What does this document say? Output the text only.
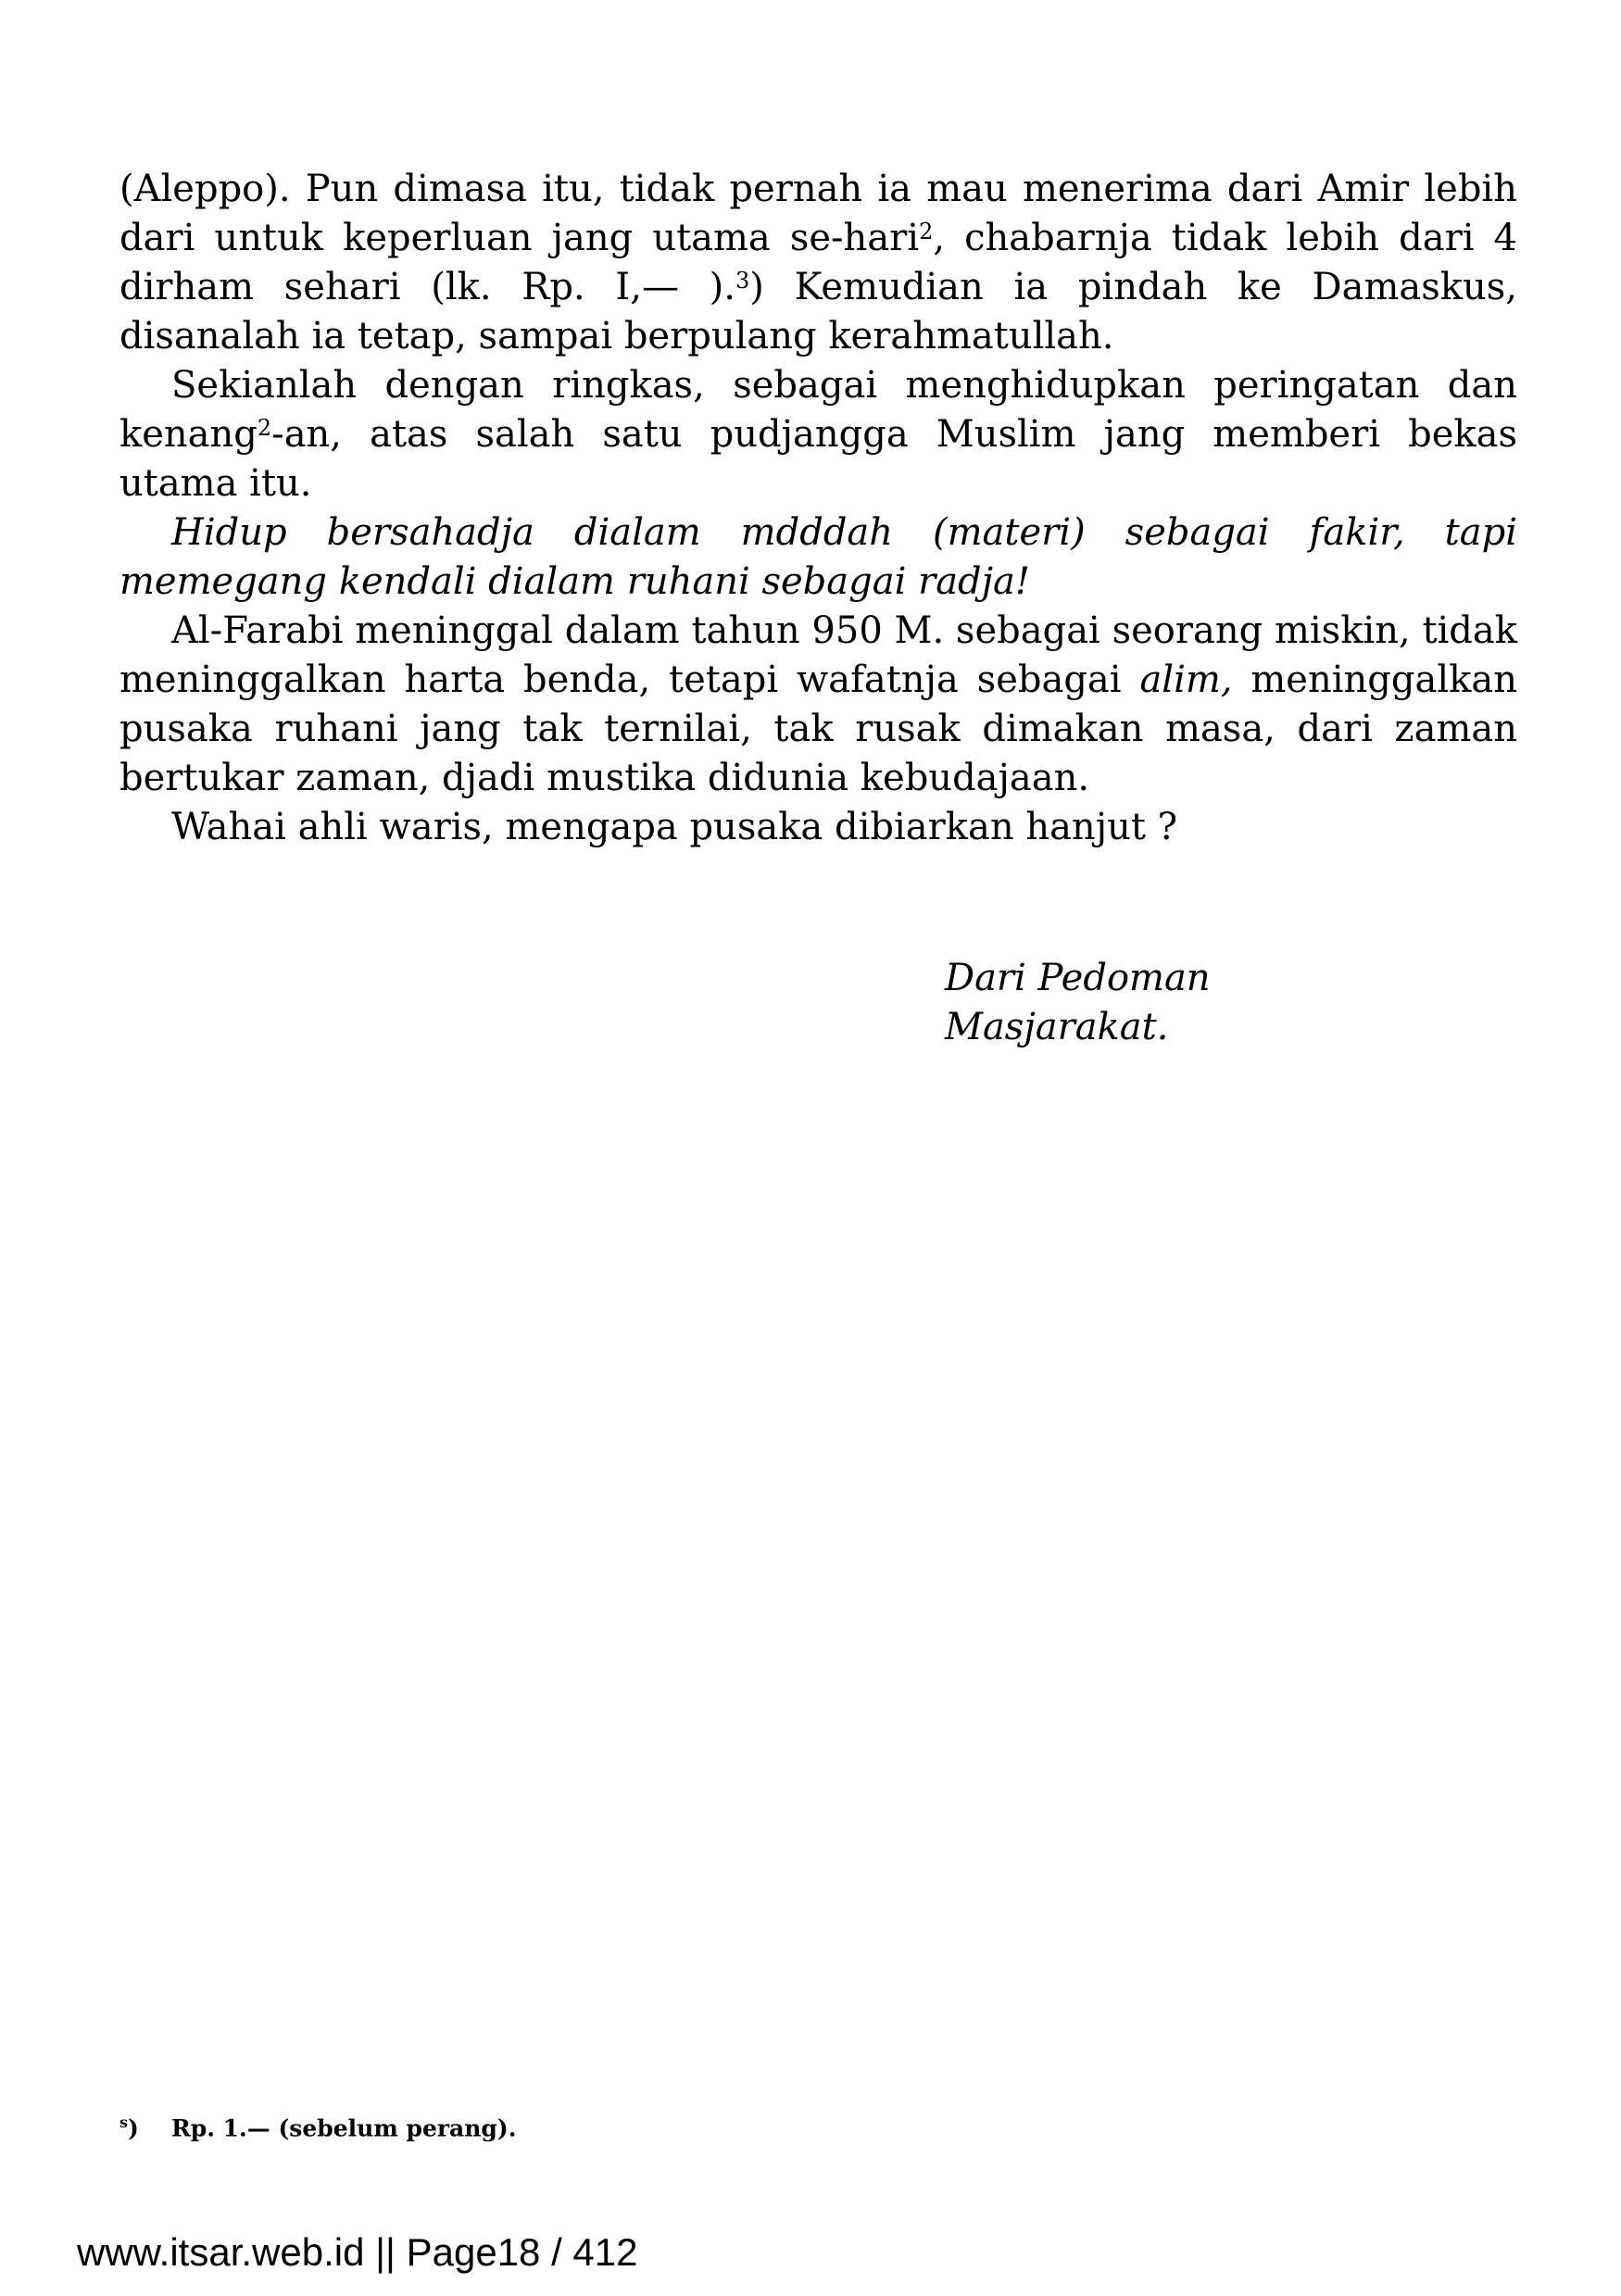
(Aleppo). Pun dimasa itu, tidak pernah ia mau menerima dari Amir lebih dari untuk keperluan jang utama se-hari$^2$, chabarnja tidak lebih dari 4 dirham sehari (lk. Rp. I,— ).$^3$) Kemudian ia pindah ke Damaskus, disanalah ia tetap, sampai berpulang kerahmatullah.

Sekianlah dengan ringkas, sebagai menghidupkan peringatan dan kenang$^2$-an, atas salah satu pudjangga Muslim jang memberi bekas utama itu.

Hidup bersahadja dialam mdddah (materi) sebagai fakir, tapi memegang kendali dialam ruhani sebagai radja!

Al-Farabi meninggal dalam tahun 950 M. sebagai seorang miskin, tidak meninggalkan harta benda, tetapi wafatnja sebagai alim, meninggalkan pusaka ruhani jang tak ternilai, tak rusak dimakan masa, dari zaman bertukar zaman, djadi mustika didunia kebudajaan.

Wahai ahli waris, mengapa pusaka dibiarkan hanjut ?

Dari Pedoman Masjarakat.
$^s$) Rp. 1.— (sebelum perang).
www.itsar.web.id || Page18 / 412
